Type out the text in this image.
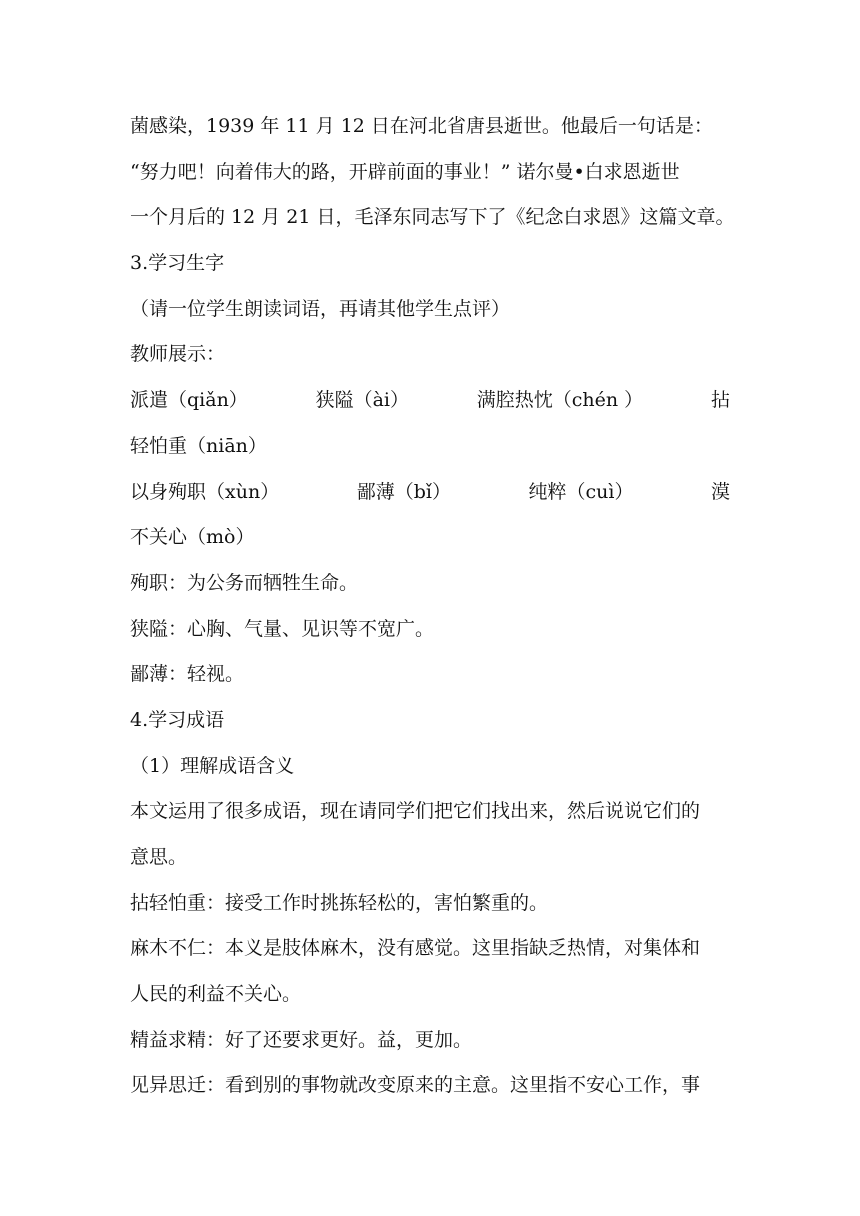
菌感染，1939 年 11 月 12 日在河北省唐县逝世。他最后一句话是：
“努力吧！向着伟大的路，开辟前面的事业！” 诺尔曼•白求恩逝世
一个月后的 12 月 21 日，毛泽东同志写下了《纪念白求恩》这篇文章。
3.学习生字
（请一位学生朗读词语，再请其他学生点评）
教师展示：
派遣（qiǎn）	狭隘（ài）	满腔热忱（chén ）	拈
轻怕重（niān）
以身殉职（xùn）	鄙薄（bǐ）	纯粹（cuì）	漠
不关心（mò）
殉职：为公务而牺牲生命。
狭隘：心胸、气量、见识等不宽广。
鄙薄：轻视。
4.学习成语
（1）理解成语含义
本文运用了很多成语，现在请同学们把它们找出来，然后说说它们的
意思。
拈轻怕重：接受工作时挑拣轻松的，害怕繁重的。
麻木不仁：本义是肢体麻木，没有感觉。这里指缺乏热情，对集体和
人民的利益不关心。
精益求精：好了还要求更好。益，更加。
见异思迁：看到别的事物就改变原来的主意。这里指不安心工作，事
